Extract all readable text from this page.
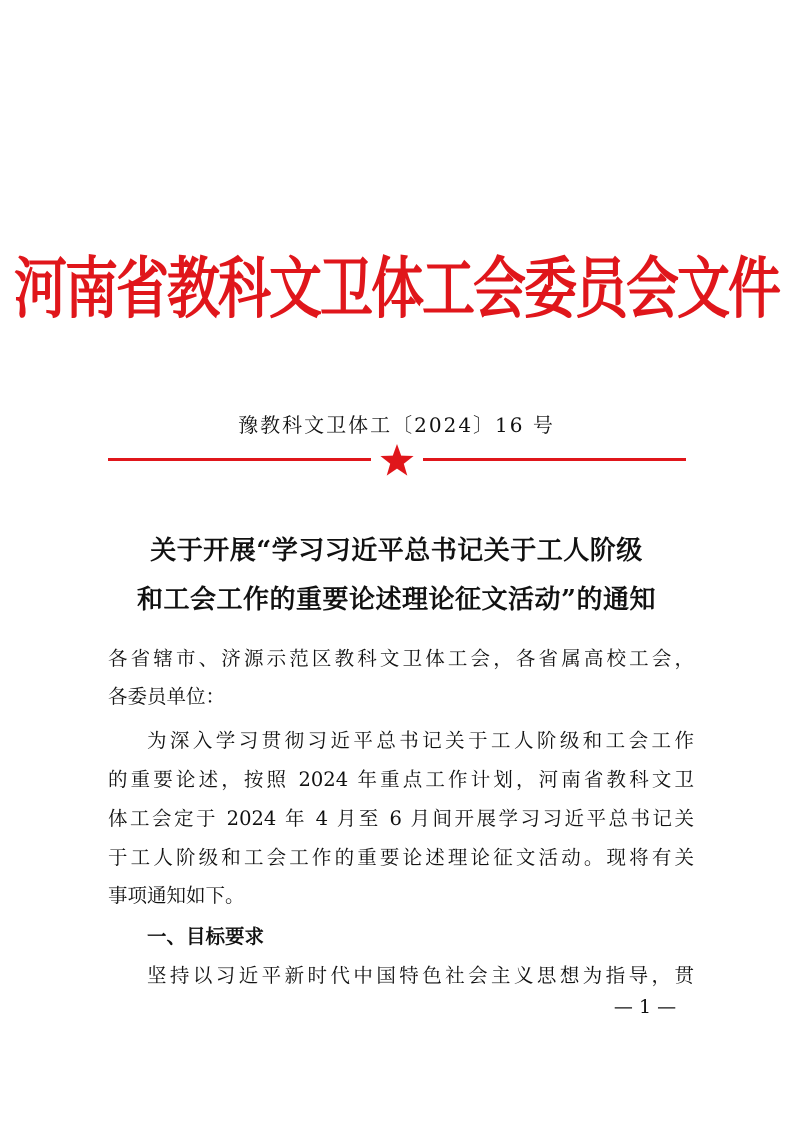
河南省教科文卫体工会委员会文件
豫教科文卫体工〔2024〕16 号
关于开展“学习习近平总书记关于工人阶级
和工会工作的重要论述理论征文活动”的通知
各省辖市、济源示范区教科文卫体工会，各省属高校工会，
各委员单位：
为深入学习贯彻习近平总书记关于工人阶级和工会工作
的重要论述，按照 2024 年重点工作计划，河南省教科文卫
体工会定于 2024 年 4 月至 6 月间开展学习习近平总书记关
于工人阶级和工会工作的重要论述理论征文活动。现将有关
事项通知如下。
一、目标要求
坚持以习近平新时代中国特色社会主义思想为指导，贯
— 1 —
